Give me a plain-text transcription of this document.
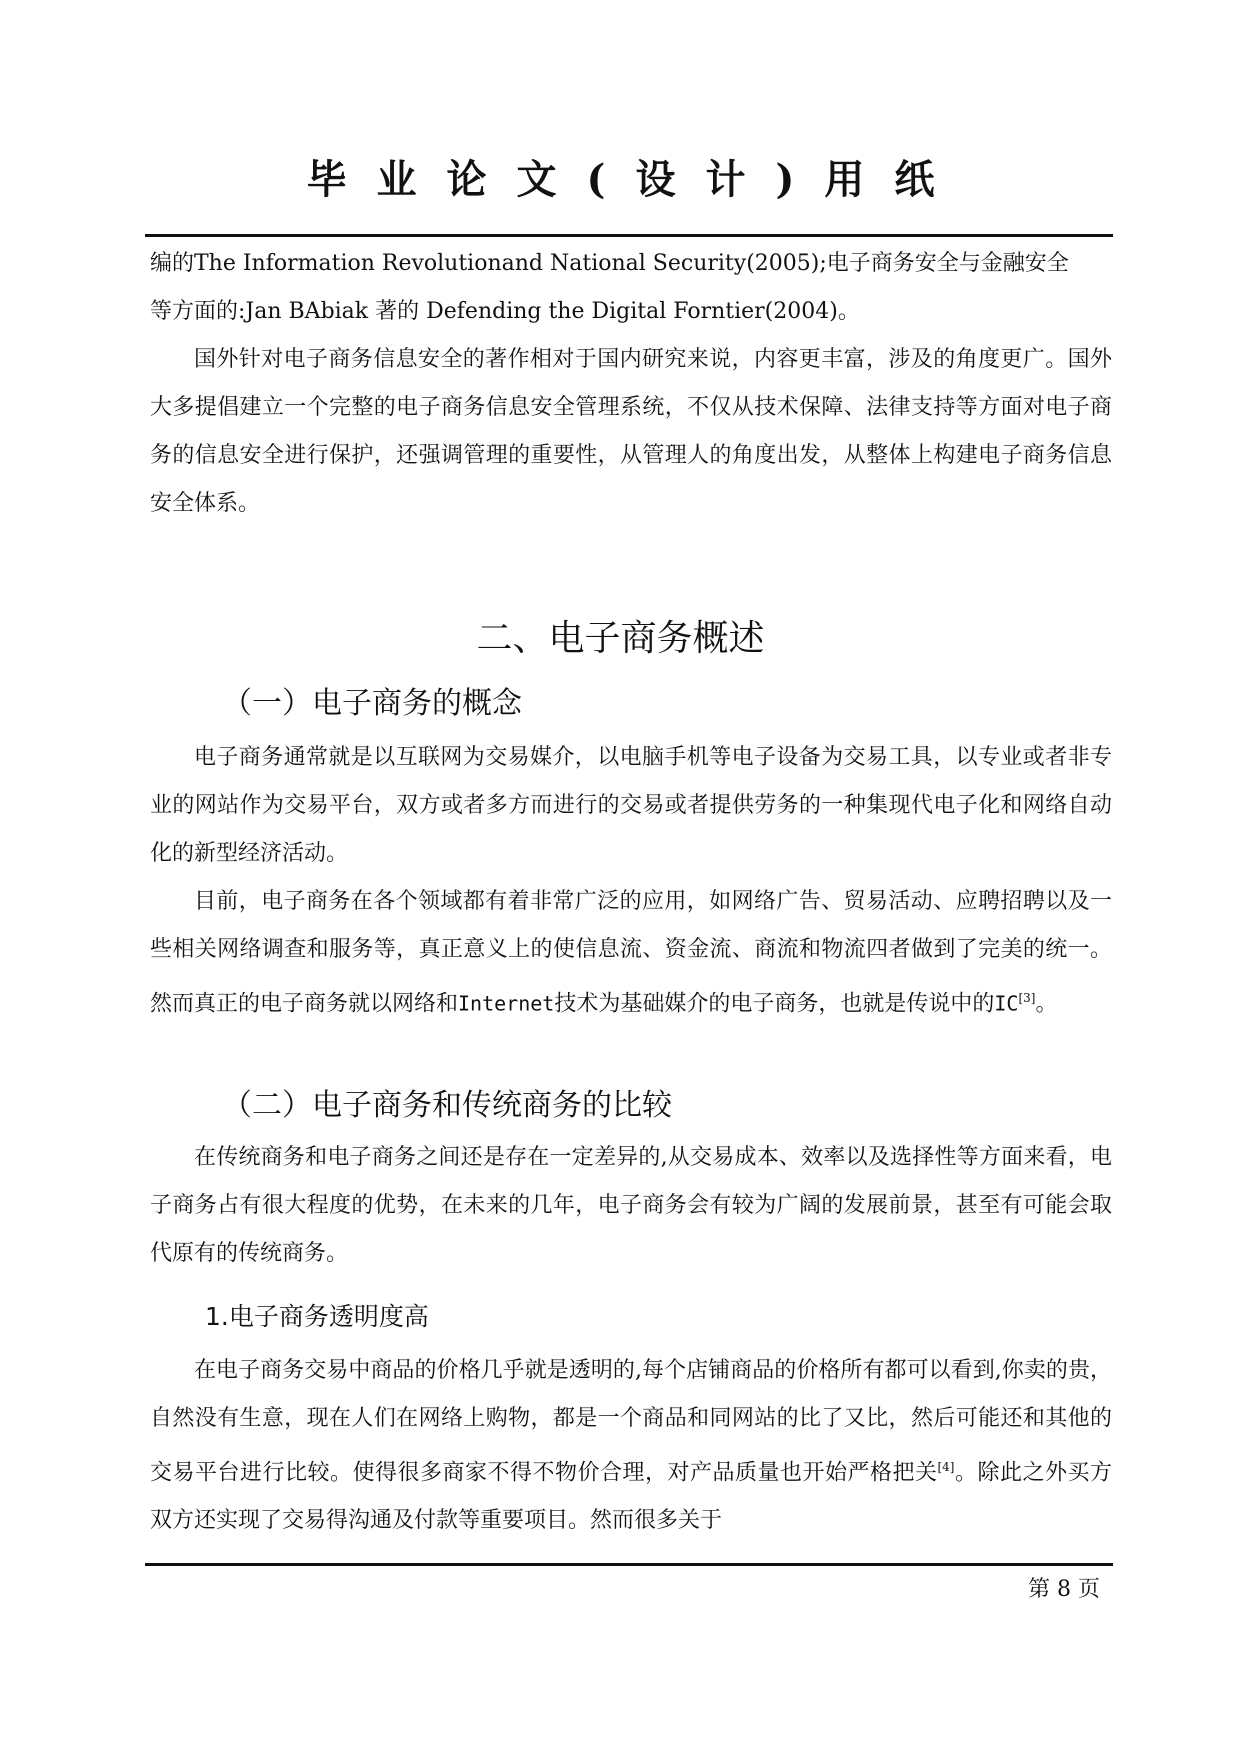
毕业论文(设计)用纸

编的The Information Revolutionand National Security(2005);电子商务安全与金融安全

等方面的:Jan BAbiak 著的 Defending the Digital Forntier(2004)。

国外针对电子商务信息安全的著作相对于国内研究来说，内容更丰富，涉及的角度更广。国外大多提倡建立一个完整的电子商务信息安全管理系统，不仅从技术保障、法律支持等方面对电子商务的信息安全进行保护，还强调管理的重要性，从管理人的角度出发，从整体上构建电子商务信息安全体系。

二、电子商务概述
（一）电子商务的概念

电子商务通常就是以互联网为交易媒介，以电脑手机等电子设备为交易工具，以专业或者非专业的网站作为交易平台，双方或者多方而进行的交易或者提供劳务的一种集现代电子化和网络自动化的新型经济活动。

目前，电子商务在各个领域都有着非常广泛的应用，如网络广告、贸易活动、应聘招聘以及一些相关网络调查和服务等，真正意义上的使信息流、资金流、商流和物流四者做到了完美的统一。然而真正的电子商务就以网络和Internet技术为基础媒介的电子商务，也就是传说中的IC[3]。

（二）电子商务和传统商务的比较

在传统商务和电子商务之间还是存在一定差异的,从交易成本、效率以及选择性等方面来看，电子商务占有很大程度的优势，在未来的几年，电子商务会有较为广阔的发展前景，甚至有可能会取代原有的传统商务。

1.电子商务透明度高

在电子商务交易中商品的价格几乎就是透明的,每个店铺商品的价格所有都可以看到,你卖的贵，自然没有生意，现在人们在网络上购物，都是一个商品和同网站的比了又比，然后可能还和其他的交易平台进行比较。使得很多商家不得不物价合理，对产品质量也开始严格把关[4]。除此之外买方双方还实现了交易得沟通及付款等重要项目。然而很多关于

第 8 页
